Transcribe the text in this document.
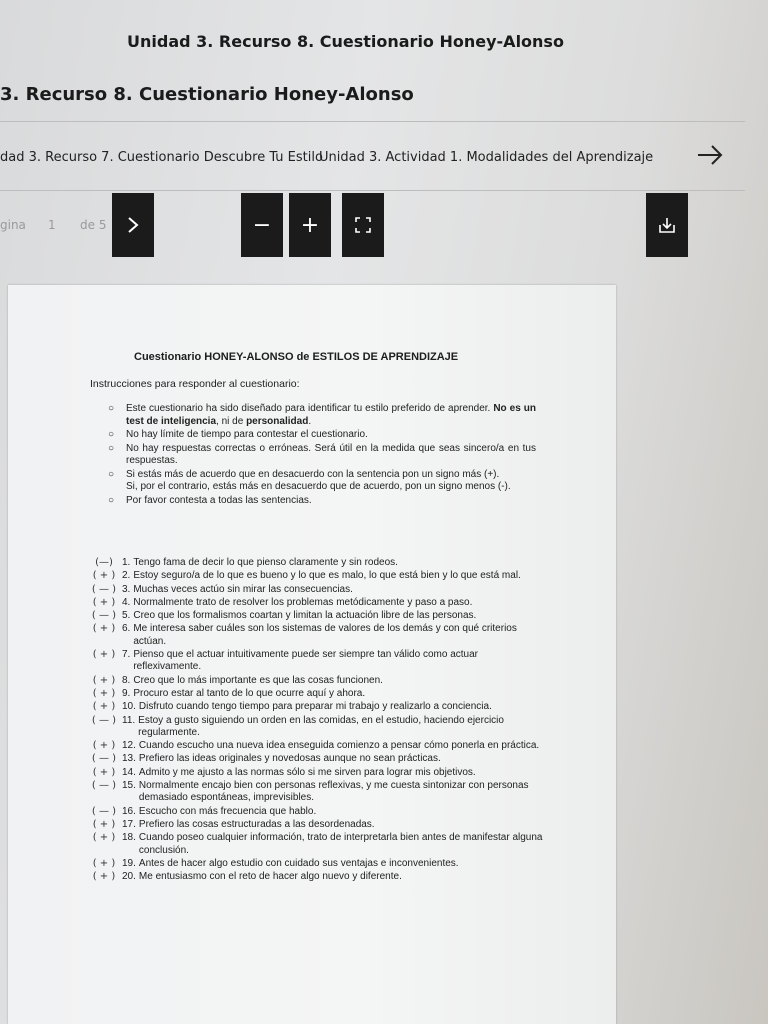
Unidad 3. Recurso 8. Cuestionario Honey-Alonso
3. Recurso 8. Cuestionario Honey-Alonso
dad 3. Recurso 7. Cuestionario Descubre Tu Estilo
Unidad 3. Actividad 1. Modalidades del Aprendizaje
gina 1 de 5	− +
Cuestionario HONEY-ALONSO de ESTILOS DE APRENDIZAJE
Instrucciones para responder al cuestionario:
○ Este cuestionario ha sido diseñado para identificar tu estilo preferido de aprender. No es un test de inteligencia, ni de personalidad.

○ No hay límite de tiempo para contestar el cuestionario.

○ No hay respuestas correctas o erróneas. Será útil en la medida que seas sincero/a en tus respuestas.

○ Si estás más de acuerdo que en desacuerdo con la sentencia pon un signo más (+).

Si, por el contrario, estás más en desacuerdo que de acuerdo, pon un signo menos (-).

○ Por favor contesta a todas las sentencias.

(—) 1. Tengo fama de decir lo que pienso claramente y sin rodeos.
( + ) 2. Estoy seguro/a de lo que es bueno y lo que es malo, lo que está bien y lo que está mal.
( — ) 3. Muchas veces actúo sin mirar las consecuencias.
( + ) 4. Normalmente trato de resolver los problemas metódicamente y paso a paso.
( — ) 5. Creo que los formalismos coartan y limitan la actuación libre de las personas.
( + ) 6. Me interesa saber cuáles son los sistemas de valores de los demás y con qué criterios actúan.
( + ) 7. Pienso que el actuar intuitivamente puede ser siempre tan válido como actuar reflexivamente.
( + ) 8. Creo que lo más importante es que las cosas funcionen.
( + ) 9. Procuro estar al tanto de lo que ocurre aquí y ahora.
( + ) 10. Disfruto cuando tengo tiempo para preparar mi trabajo y realizarlo a conciencia.
( — ) 11. Estoy a gusto siguiendo un orden en las comidas, en el estudio, haciendo ejercicio regularmente.
( + ) 12. Cuando escucho una nueva idea enseguida comienzo a pensar cómo ponerla en práctica.
( — ) 13. Prefiero las ideas originales y novedosas aunque no sean prácticas.
( + ) 14. Admito y me ajusto a las normas sólo si me sirven para lograr mis objetivos.
( — ) 15. Normalmente encajo bien con personas reflexivas, y me cuesta sintonizar con personas demasiado espontáneas, imprevisibles.
( — ) 16. Escucho con más frecuencia que hablo.
( + ) 17. Prefiero las cosas estructuradas a las desordenadas.
( + ) 18. Cuando poseo cualquier información, trato de interpretarla bien antes de manifestar alguna conclusión.
( + ) 19. Antes de hacer algo estudio con cuidado sus ventajas e inconvenientes.
( + ) 20. Me entusiasmo con el reto de hacer algo nuevo y diferente.
